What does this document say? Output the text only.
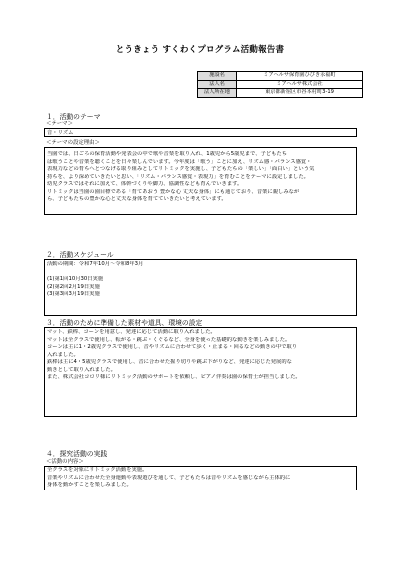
とうきょう すくわくプログラム活動報告書
施設名	ミアヘルサ保育園ひびき永福町
法人名	ミアヘルサ株式会社
法人所在地	東京都新宿区市谷本村町3-19
１．活動のテーマ
＜テーマ＞
音・リズム
＜テーマの設定理由＞
当園では、日ごろの保育活動や発表会の中で歌や音楽を取り入れ、1歳児から5歳児まで、子どもたち
は歌うことや音楽を聴くことを日々楽しんでいます。今年度は「歌う」ことに加え、リズム感・バランス感覚・
表現力などの育ちへとつなげる取り組みとしてリトミックを実施し、子どもたちの「楽しい」「面白い」という気
持ちを、より深めていきたいと思い、「リズム・バランス感覚・表現力」を育むことをテーマに設定しました。
幼児クラスではそれに加えて、体幹づくりや脚力、協調性なども育んでいきます。
リトミックは当園の園目標である「育てあおう 豊かな心 丈夫な身体」にも通じており、音楽に親しみなが
ら、子どもたちの豊かな心と丈夫な身体を育てていきたいと考えています。
２．活動スケジュール
活動の期間：令和7年10月～令和8年3月
(1)第1回10月30日実施
(2)第2回2月19日実施
(3)第3回3月19日実施
３．活動のために準備した素材や道具、環境の設定
マット、鉄棒、コーンを用意し、発達に応じて活動に取り入れました。
マットは全クラスで使用し、転がる・跳ぶ・くぐるなど、全身を使った基礎的な動きを楽しみました。
コーンは主に1・2歳児クラスで使用し、音やリズムに合わせて歩く・止まる・回るなどの動きの中で取り
入れました。
鉄棒は主に4・5歳児クラスで使用し、音に合わせた握り切りや跳ぶ下がりなど、発達に応じた発展的な
動きとして取り入れました。
また、株式会社コロリ様にリトミック活動のサポートを依頼し、ピアノ伴奏は園の保育士が担当しました。
４．探究活動の実践
＜活動の内容＞
全クラスを対象にリトミック活動を実施。
音楽やリズムに合わせた全身運動や表現遊びを通して、子どもたちは音やリズムを感じながら主体的に
身体を動かすことを楽しみました。
